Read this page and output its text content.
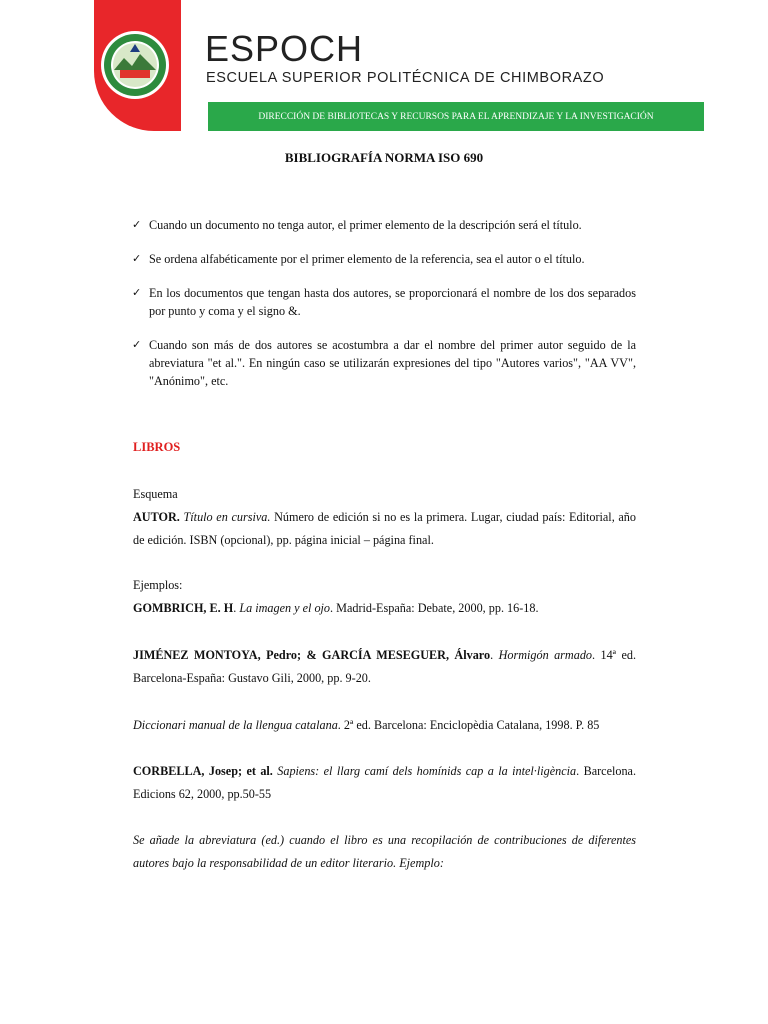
ESPOCH
ESCUELA SUPERIOR POLITÉCNICA DE CHIMBORAZO
DIRECCIÓN DE BIBLIOTECAS Y RECURSOS PARA EL APRENDIZAJE Y LA INVESTIGACIÓN
BIBLIOGRAFÍA NORMA ISO 690
✓ Cuando un documento no tenga autor, el primer elemento de la descripción será el título.
✓ Se ordena alfabéticamente por el primer elemento de la referencia, sea el autor o el título.
✓ En los documentos que tengan hasta dos autores, se proporcionará el nombre de los dos separados por punto y coma y el signo &.
✓ Cuando son más de dos autores se acostumbra a dar el nombre del primer autor seguido de la abreviatura "et al.". En ningún caso se utilizarán expresiones del tipo "Autores varios", "AA VV", "Anónimo", etc.
LIBROS
Esquema
AUTOR. Título en cursiva. Número de edición si no es la primera. Lugar, ciudad país: Editorial, año de edición. ISBN (opcional), pp. página inicial – página final.
Ejemplos:
GOMBRICH, E. H. La imagen y el ojo. Madrid-España: Debate, 2000, pp. 16-18.
JIMÉNEZ MONTOYA, Pedro; & GARCÍA MESEGUER, Álvaro. Hormigón armado. 14ª ed. Barcelona-España: Gustavo Gili, 2000, pp. 9-20.
Diccionari manual de la llengua catalana. 2ª ed. Barcelona: Enciclopèdia Catalana, 1998. P. 85
CORBELLA, Josep; et al. Sapiens: el llarg camí dels homínids cap a la intel·ligència. Barcelona. Edicions 62, 2000, pp.50-55
Se añade la abreviatura (ed.) cuando el libro es una recopilación de contribuciones de diferentes autores bajo la responsabilidad de un editor literario. Ejemplo:
